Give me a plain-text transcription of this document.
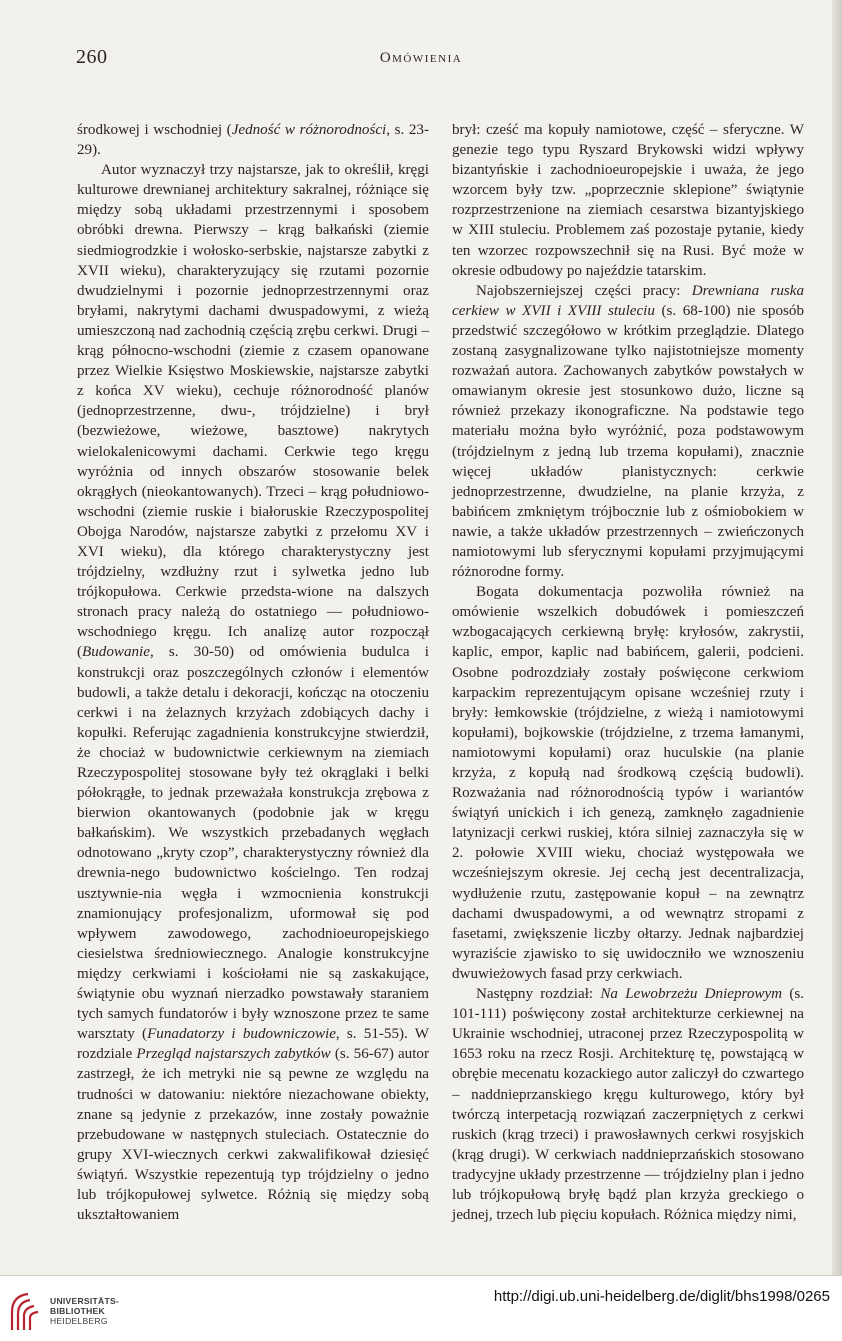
260	Omówienia

środkowej i wschodniej (Jedność w różnorodności, s. 23-29).

Autor wyznaczył trzy najstarsze, jak to określił, kręgi kulturowe drewnianej architektury sakralnej, różniące się między sobą układami przestrzennymi i sposobem obróbki drewna. Pierwszy – krąg bałkański (ziemie siedmiogrodzkie i wołosko-serbskie, najstarsze zabytki z XVII wieku), charakteryzujący się rzutami pozornie dwudzielnymi i pozornie jednoprzestrzennymi oraz bryłami, nakrytymi dachami dwuspadowymi, z wieżą umieszczoną nad zachodnią częścią zrębu cerkwi. Drugi – krąg północno-wschodni (ziemie z czasem opanowane przez Wielkie Księstwo Moskiewskie, najstarsze zabytki z końca XV wieku), cechuje różnorodność planów (jednoprzestrzenne, dwu-, trójdzielne) i brył (bezwieżowe, wieżowe, basztowe) nakrytych wielokalenicowymi dachami. Cerkwie tego kręgu wyróżnia od innych obszarów stosowanie belek okrągłych (nieokantowanych). Trzeci – krąg południowo-wschodni (ziemie ruskie i białoruskie Rzeczypospolitej Obojga Narodów, najstarsze zabytki z przełomu XV i XVI wieku), dla którego charakterystyczny jest trójdzielny, wzdłużny rzut i sylwetka jedno lub trójkopułowa. Cerkwie przedsta-wione na dalszych stronach pracy należą do ostatniego — południowo-wschodniego kręgu. Ich analizę autor rozpoczął (Budowanie, s. 30-50) od omówienia budulca i konstrukcji oraz poszczególnych członów i elementów budowli, a także detalu i dekoracji, kończąc na otoczeniu cerkwi i na żelaznych krzyżach zdobiących dachy i kopułki. Referując zagadnienia konstrukcyjne stwierdził, że chociaż w budownictwie cerkiewnym na ziemiach Rzeczypospolitej stosowane były też okrąglaki i belki półokrągłe, to jednak przeważała konstrukcja zrębowa z bierwion okantowanych (podobnie jak w kręgu bałkańskim). We wszystkich przebadanych węgłach odnotowano „kryty czop”, charakterystyczny również dla drewnia-nego budownictwo kościelngo. Ten rodzaj usztywnie-nia węgła i wzmocnienia konstrukcji znamionujący profesjonalizm, uformował się pod wpływem zawodowego, zachodnioeuropejskiego ciesielstwa średniowiecznego. Analogie konstrukcyjne między cerkwiami i kościołami nie są zaskakujące, świątynie obu wyznań nierzadko powstawały staraniem tych samych fundatorów i były wznoszone przez te same warsztaty (Funadatorzy i budowniczowie, s. 51-55). W rozdziale Przegląd najstarszych zabytków (s. 56-67) autor zastrzegł, że ich metryki nie są pewne ze względu na trudności w datowaniu: niektóre niezachowane obiekty, znane są jedynie z przekazów, inne zostały poważnie przebudowane w następnych stuleciach. Ostatecznie do grupy XVI-wiecznych cerkwi zakwalifikował dziesięć świątyń. Wszystkie repezentują typ trójdzielny o jedno lub trójkopułowej sylwetce. Różnią się między sobą ukształtowaniem

brył: cześć ma kopuły namiotowe, część – sferyczne. W genezie tego typu Ryszard Brykowski widzi wpływy bizantyńskie i zachodnioeuropejskie i uważa, że jego wzorcem były tzw. „poprzecznie sklepione” świątynie rozprzestrzenione na ziemiach cesarstwa bizantyjskiego w XIII stuleciu. Problemem zaś pozostaje pytanie, kiedy ten wzorzec rozpowszechnił się na Rusi. Być może w okresie odbudowy po najeździe tatarskim.

Najobszerniejszej części pracy: Drewniana ruska cerkiew w XVII i XVIII stuleciu (s. 68-100) nie sposób przedstwić szczegółowo w krótkim przeglądzie. Dlatego zostaną zasygnalizowane tylko najistotniejsze momenty rozważań autora. Zachowanych zabytków powstałych w omawianym okresie jest stosunkowo dużo, liczne są również przekazy ikonograficzne. Na podstawie tego materiału można było wyróżnić, poza podstawowym (trójdzielnym z jedną lub trzema kopułami), znacznie więcej układów planistycznych: cerkwie jednoprzestrzenne, dwudzielne, na planie krzyża, z babińcem zmkniętym trójbocznie lub z ośmiobokiem w nawie, a także układów przestrzennych – zwieńczonych namiotowymi lub sferycznymi kopułami przyjmującymi różnorodne formy.

Bogata dokumentacja pozwoliła również na omówienie wszelkich dobudówek i pomieszczeń wzbogacających cerkiewną bryłę: kryłosów, zakrystii, kaplic, empor, kaplic nad babińcem, galerii, podcieni. Osobne podrozdziały zostały poświęcone cerkwiom karpackim reprezentującym opisane wcześniej rzuty i bryły: łemkowskie (trójdzielne, z wieżą i namiotowymi kopułami), bojkowskie (trójdzielne, z trzema łamanymi, namiotowymi kopułami) oraz huculskie (na planie krzyża, z kopułą nad środkową częścią budowli). Rozważania nad różnorodnością typów i wariantów świątyń unickich i ich genezą, zamknęło zagadnienie latynizacji cerkwi ruskiej, która silniej zaznaczyła się w 2. połowie XVIII wieku, chociaż występowała we wcześniejszym okresie. Jej cechą jest decentralizacja, wydłużenie rzutu, zastępowanie kopuł – na zewnątrz dachami dwuspadowymi, a od wewnątrz stropami z fasetami, zwiększenie liczby ołtarzy. Jednak najbardziej wyraziście zjawisko to się uwidoczniło we wznoszeniu dwuwieżowych fasad przy cerkwiach.

Następny rozdział: Na Lewobrzeżu Dnieprowym (s. 101-111) poświęcony został architekturze cerkiewnej na Ukrainie wschodniej, utraconej przez Rzeczypospolitą w 1653 roku na rzecz Rosji. Architekturę tę, powstającą w obrębie mecenatu kozackiego autor zaliczył do czwartego – naddnieprzanskiego kręgu kulturowego, który był twórczą interpetacją rozwiązań zaczerpniętych z cerkwi ruskich (krąg trzeci) i prawosławnych cerkwi rosyjskich (krąg drugi). W cerkwiach naddnieprzańskich stosowano tradycyjne układy przestrzenne — trójdzielny plan i jedno lub trójkopułową bryłę bądź plan krzyża greckiego o jednej, trzech lub pięciu kopułach. Różnica między nimi,

UNIVERSITÄTS-
BIBLIOTHEK
HEIDELBERG
http://digi.ub.uni-heidelberg.de/diglit/bhs1998/0265
